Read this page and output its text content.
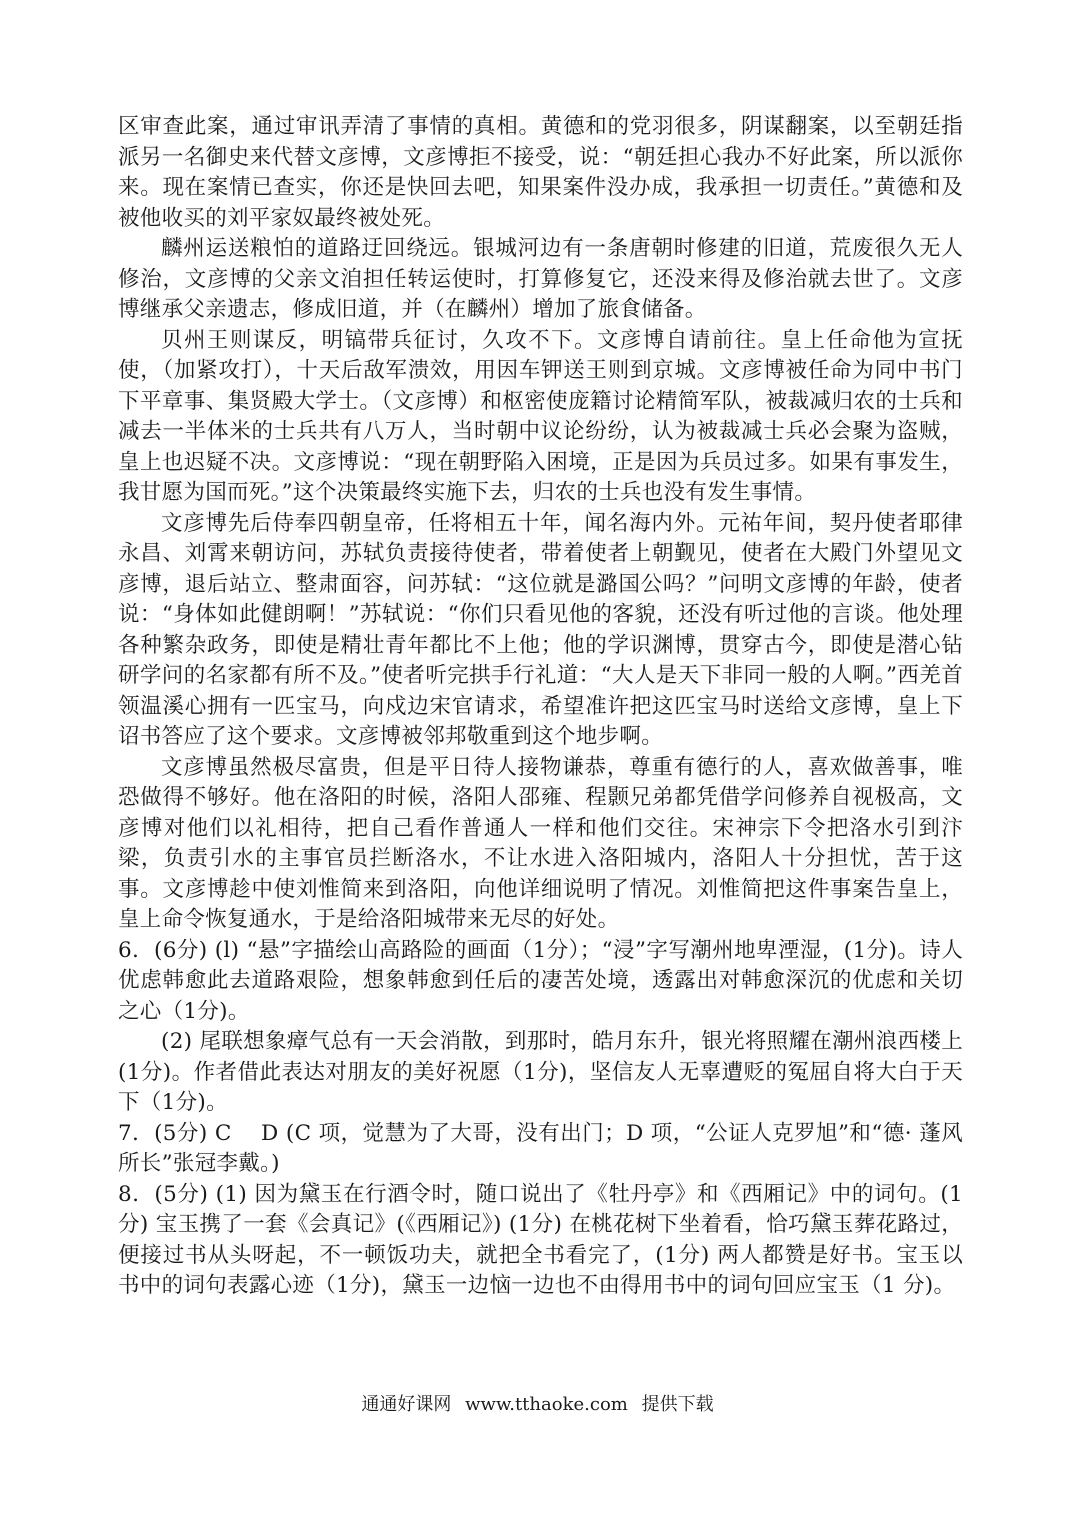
区审查此案，通过审讯弄清了事情的真相。黄德和的党羽很多，阴谋翻案，以至朝廷指派另一名御史来代替文彦博，文彦博拒不接受，说：“朝廷担心我办不好此案，所以派你来。现在案情已查实，你还是快回去吧，知果案件没办成，我承担一切责任。”黄德和及被他收买的刘平家奴最终被处死。

麟州运送粮怕的道路迂回绕远。银城河边有一条唐朝时修建的旧道，荒废很久无人修治，文彦博的父亲文洎担任转运使时，打算修复它，还没来得及修治就去世了。文彦博继承父亲遗志，修成旧道，并（在麟州）增加了旅食储备。

贝州王则谋反，明镐带兵征讨，久攻不下。文彦博自请前往。皇上任命他为宣抚使，（加紧攻打），十天后敌军溃效，用因车钾送王则到京城。文彦博被任命为同中书门下平章事、集贤殿大学士。（文彦博）和枢密使庞籍讨论精简军队，被裁减归农的士兵和减去一半体米的士兵共有八万人，当时朝中议论纷纷，认为被裁减士兵必会聚为盗贼，皇上也迟疑不决。文彦博说：“现在朝野陷入困境，正是因为兵员过多。如果有事发生，我甘愿为国而死。”这个决策最终实施下去，归农的士兵也没有发生事情。

文彦博先后侍奉四朝皇帝，任将相五十年，闻名海内外。元祐年间，契丹使者耶律永昌、刘霄来朝访问，苏轼负责接待使者，带着使者上朝觐见，使者在大殿门外望见文彦博，退后站立、整肃面容，问苏轼：“这位就是潞国公吗？”问明文彦博的年龄，使者说：“身体如此健朗啊！”苏轼说：“你们只看见他的客貌，还没有听过他的言谈。他处理各种繁杂政务，即使是精壮青年都比不上他；他的学识渊博，贯穿古今，即使是潜心钻研学问的名家都有所不及。”使者听完拱手行礼道：“大人是天下非同一般的人啊。”西羌首领温溪心拥有一匹宝马，向戍边宋官请求，希望准许把这匹宝马时送给文彦博，皇上下诏书答应了这个要求。文彦博被邻邦敬重到这个地步啊。

文彦博虽然极尽富贵，但是平日待人接物谦恭，尊重有德行的人，喜欢做善事，唯恐做得不够好。他在洛阳的时候，洛阳人邵雍、程颢兄弟都凭借学问修养自视极高，文彦博对他们以礼相待，把自己看作普通人一样和他们交往。宋神宗下令把洛水引到汴梁，负责引水的主事官员拦断洛水，不让水进入洛阳城内，洛阳人十分担忧，苦于这事。文彦博趁中使刘惟简来到洛阳，向他详细说明了情况。刘惟简把这件事案告皇上，皇上命令恢复通水，于是给洛阳城带来无尽的好处。

6．(6分) (l) “悬”字描绘山高路险的画面（1分）；“浸”字写潮州地卑湮湿，(1分)。诗人优虑韩愈此去道路艰险，想象韩愈到任后的凄苦处境，透露出对韩愈深沉的优虑和关切之心（1分)。

(2) 尾联想象瘴气总有一天会消散，到那时，皓月东升，银光将照耀在潮州浪西楼上(1分)。作者借此表达对朋友的美好祝愿（1分)，坚信友人无辜遭贬的冤屈自将大白于天下（1分)。

7．(5分) C　 D (C 项，觉慧为了大哥，没有出门；D 项，“公证人克罗旭”和“德· 蓬风所长”张冠李戴。)

8．(5分) (1) 因为黛玉在行酒令时，随口说出了《牡丹亭》和《西厢记》中的词句。(1分) 宝玉携了一套《会真记》(《西厢记》) (1分) 在桃花树下坐着看，恰巧黛玉葬花路过，便接过书从头呀起，不一顿饭功夫，就把全书看完了，(1分) 两人都赞是好书。宝玉以书中的词句表露心迹（1分)，黛玉一边恼一边也不由得用书中的词句回应宝玉（1 分)。

通通好课网 www.tthaoke.com 提供下载
